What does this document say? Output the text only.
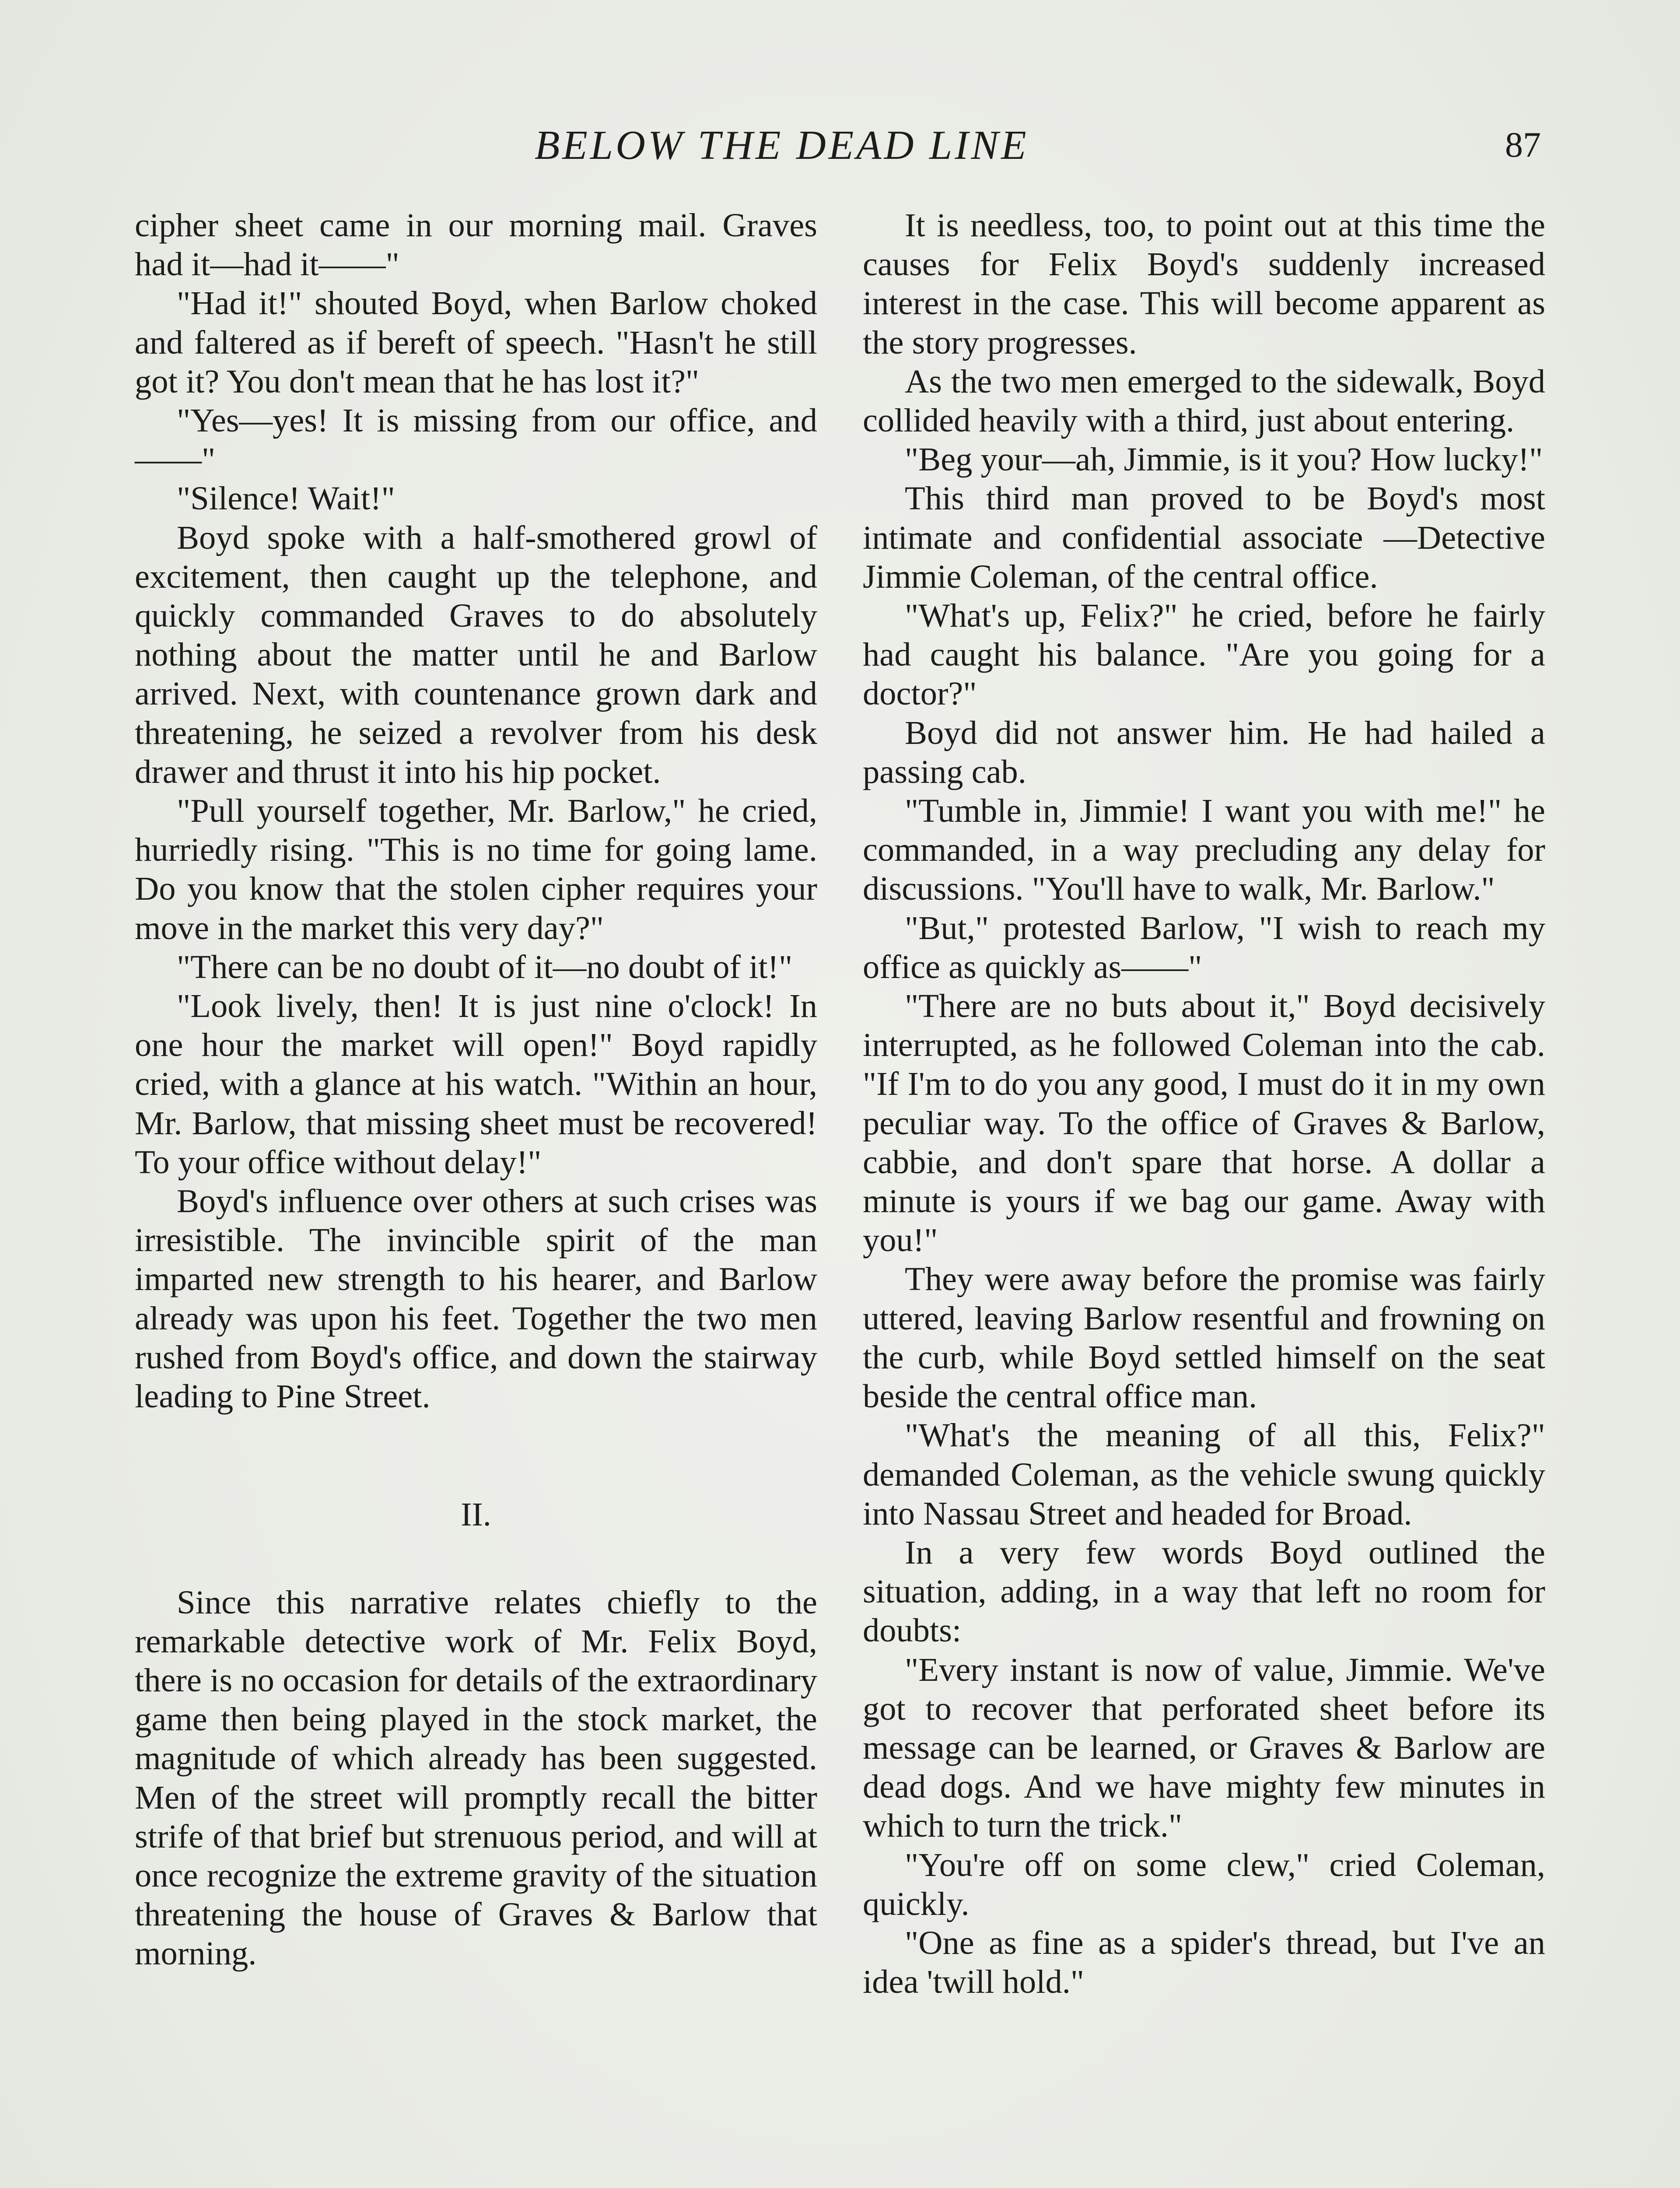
BELOW THE DEAD LINE	87

cipher sheet came in our morning mail. Graves had it—had it——"

"Had it!" shouted Boyd, when Barlow choked and faltered as if bereft of speech. "Hasn't he still got it? You don't mean that he has lost it?"

"Yes—yes! It is missing from our office, and——"

"Silence! Wait!"

Boyd spoke with a half-smothered growl of excitement, then caught up the telephone, and quickly commanded Graves to do absolutely nothing about the matter until he and Barlow arrived. Next, with countenance grown dark and threatening, he seized a revolver from his desk drawer and thrust it into his hip pocket.

"Pull yourself together, Mr. Barlow," he cried, hurriedly rising. "This is no time for going lame. Do you know that the stolen cipher requires your move in the market this very day?"

"There can be no doubt of it—no doubt of it!"

"Look lively, then! It is just nine o'clock! In one hour the market will open!" Boyd rapidly cried, with a glance at his watch. "Within an hour, Mr. Barlow, that missing sheet must be recovered! To your office without delay!"

Boyd's influence over others at such crises was irresistible. The invincible spirit of the man imparted new strength to his hearer, and Barlow already was upon his feet. Together the two men rushed from Boyd's office, and down the stairway leading to Pine Street.

II.

Since this narrative relates chiefly to the remarkable detective work of Mr. Felix Boyd, there is no occasion for details of the extraordinary game then being played in the stock market, the magnitude of which already has been suggested. Men of the street will promptly recall the bitter strife of that brief but strenuous period, and will at once recognize the extreme gravity of the situation threatening the house of Graves & Barlow that morning.

It is needless, too, to point out at this time the causes for Felix Boyd's suddenly increased interest in the case. This will become apparent as the story progresses.

As the two men emerged to the sidewalk, Boyd collided heavily with a third, just about entering.

"Beg your—ah, Jimmie, is it you? How lucky!"

This third man proved to be Boyd's most intimate and confidential associate —Detective Jimmie Coleman, of the central office.

"What's up, Felix?" he cried, before he fairly had caught his balance. "Are you going for a doctor?"

Boyd did not answer him. He had hailed a passing cab.

"Tumble in, Jimmie! I want you with me!" he commanded, in a way precluding any delay for discussions. "You'll have to walk, Mr. Barlow."

"But," protested Barlow, "I wish to reach my office as quickly as——"

"There are no buts about it," Boyd decisively interrupted, as he followed Coleman into the cab. "If I'm to do you any good, I must do it in my own peculiar way. To the office of Graves & Barlow, cabbie, and don't spare that horse. A dollar a minute is yours if we bag our game. Away with you!"

They were away before the promise was fairly uttered, leaving Barlow resentful and frowning on the curb, while Boyd settled himself on the seat beside the central office man.

"What's the meaning of all this, Felix?" demanded Coleman, as the vehicle swung quickly into Nassau Street and headed for Broad.

In a very few words Boyd outlined the situation, adding, in a way that left no room for doubts:

"Every instant is now of value, Jimmie. We've got to recover that perforated sheet before its message can be learned, or Graves & Barlow are dead dogs. And we have mighty few minutes in which to turn the trick."

"You're off on some clew," cried Coleman, quickly.

"One as fine as a spider's thread, but I've an idea 'twill hold."
